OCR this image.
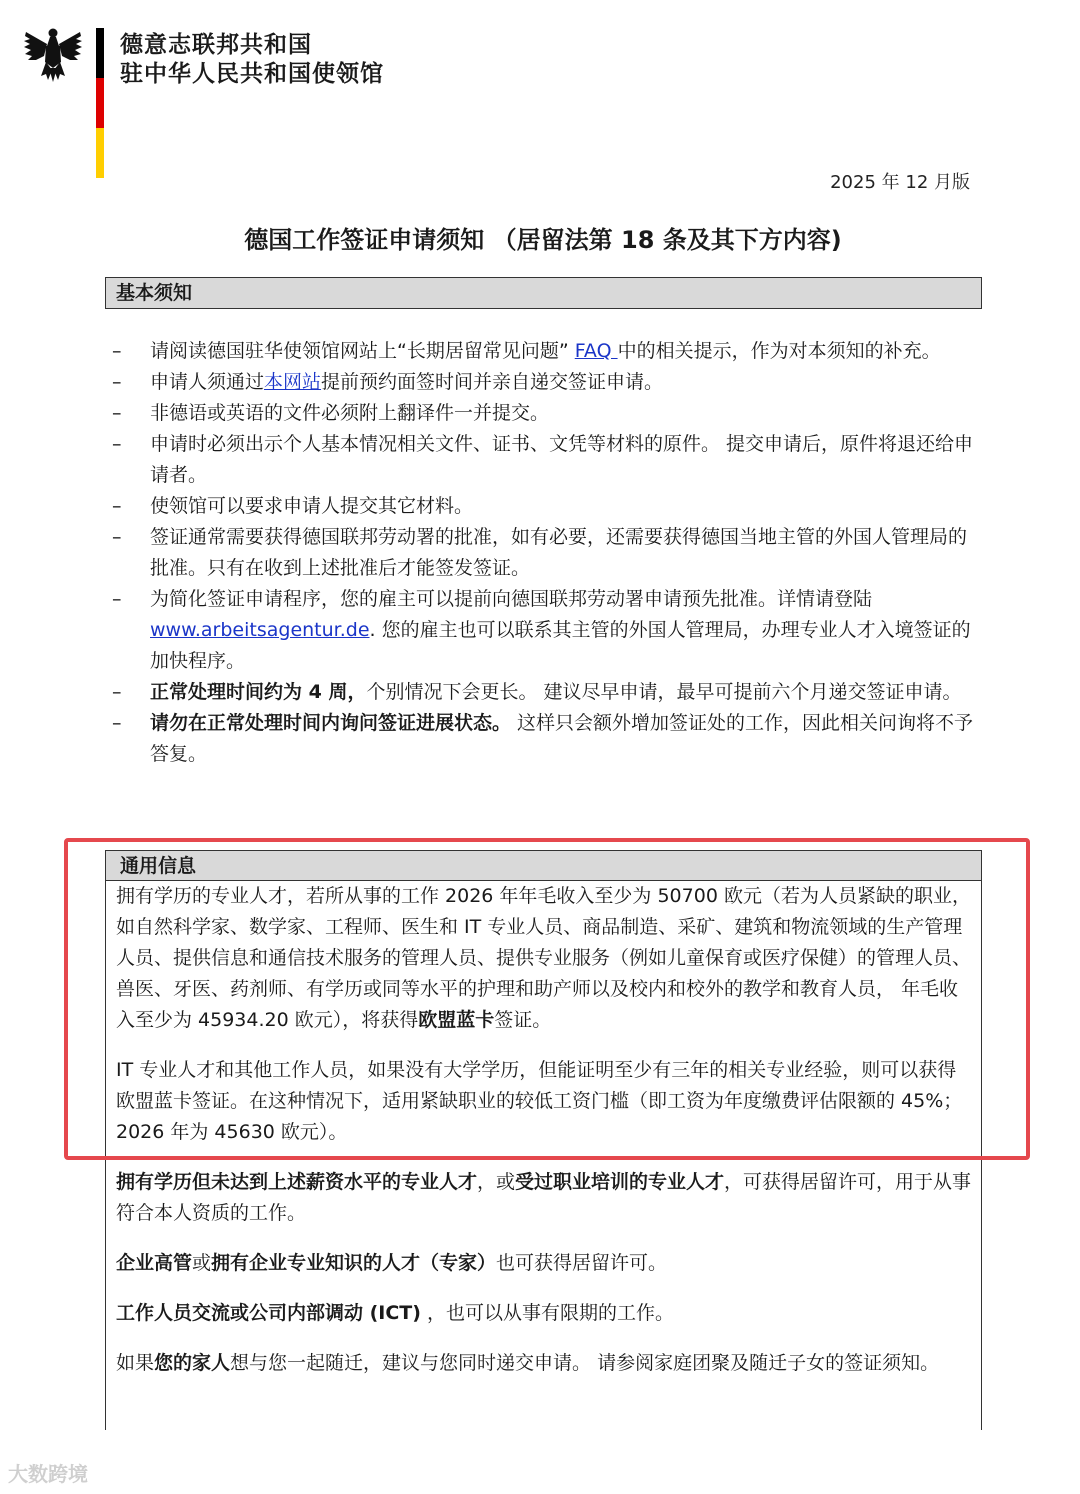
德意志联邦共和国
驻中华人民共和国使领馆
2025 年 12 月版
德国工作签证申请须知 （居留法第 18 条及其下方内容)
基本须知
– 请阅读德国驻华使领馆网站上“长期居留常见问题” FAQ 中的相关提示，作为对本须知的补充。
– 申请人须通过本网站提前预约面签时间并亲自递交签证申请。
– 非德语或英语的文件必须附上翻译件一并提交。
– 申请时必须出示个人基本情况相关文件、证书、文凭等材料的原件。 提交申请后，原件将退还给申请者。
– 使领馆可以要求申请人提交其它材料。
– 签证通常需要获得德国联邦劳动署的批准，如有必要，还需要获得德国当地主管的外国人管理局的批准。只有在收到上述批准后才能签发签证。
– 为简化签证申请程序，您的雇主可以提前向德国联邦劳动署申请预先批准。详情请登陆
www.arbeitsagentur.de. 您的雇主也可以联系其主管的外国人管理局，办理专业人才入境签证的加快程序。
– 正常处理时间约为 4 周，个别情况下会更长。 建议尽早申请，最早可提前六个月递交签证申请。
– 请勿在正常处理时间内询问签证进展状态。 这样只会额外增加签证处的工作，因此相关问询将不予答复。
通用信息

拥有学历的专业人才，若所从事的工作 2026 年年毛收入至少为 50700 欧元（若为人员紧缺的职业，如自然科学家、数学家、工程师、医生和 IT 专业人员、商品制造、采矿、建筑和物流领域的生产管理人员、提供信息和通信技术服务的管理人员、提供专业服务（例如儿童保育或医疗保健）的管理人员、兽医、牙医、药剂师、有学历或同等水平的护理和助产师以及校内和校外的教学和教育人员， 年毛收入至少为 45934.20 欧元），将获得欧盟蓝卡签证。

IT 专业人才和其他工作人员，如果没有大学学历，但能证明至少有三年的相关专业经验，则可以获得欧盟蓝卡签证。在这种情况下，适用紧缺职业的较低工资门槛（即工资为年度缴费评估限额的 45%；2026 年为 45630 欧元）。

拥有学历但未达到上述薪资水平的专业人才，或受过职业培训的专业人才，可获得居留许可，用于从事符合本人资质的工作。

企业高管或拥有企业专业知识的人才（专家）也可获得居留许可。

工作人员交流或公司内部调动 (ICT) ，也可以从事有限期的工作。

如果您的家人想与您一起随迁，建议与您同时递交申请。 请参阅家庭团聚及随迁子女的签证须知。

大数跨境
